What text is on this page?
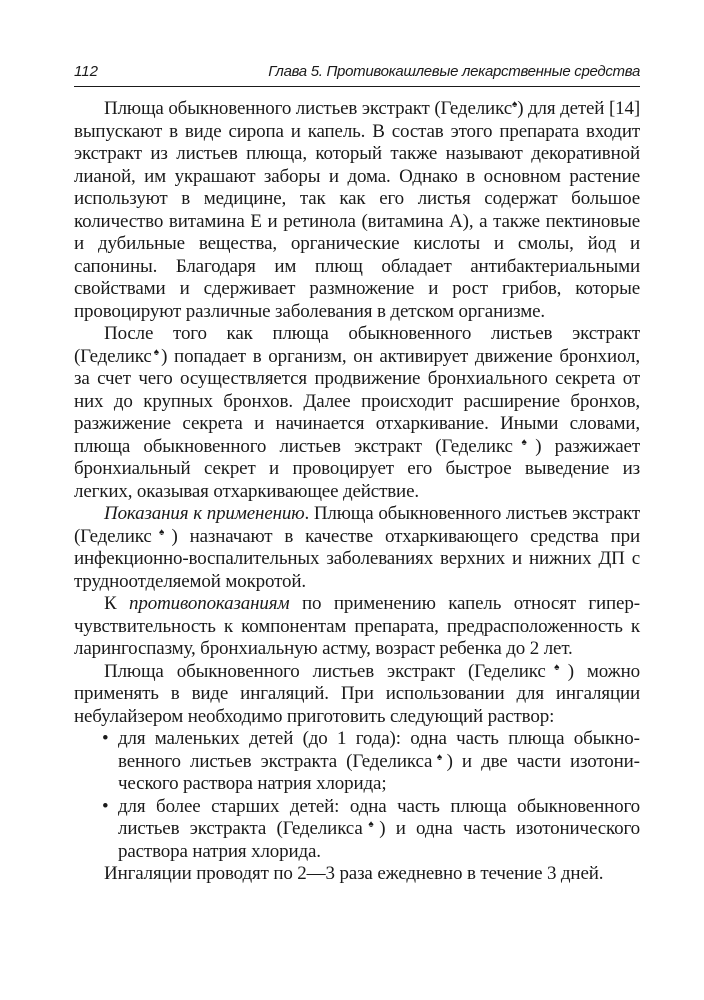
112	Глава 5. Противокашлевые лекарственные средства

Плюща обыкновенного листьев экстракт (Геделикс♠) для детей [14] выпускают в виде сиропа и капель. В состав этого препарата входит экстракт из листьев плюща, который также называют декоративной лианой, им украшают заборы и дома. Однако в основном растение используют в медицине, так как его листья содержат большое количество витамина Е и ретинола (витамина А), а также пектиновые и дубильные вещества, органические кислоты и смолы, йод и сапонины. Благодаря им плющ обладает антибактериальными свойствами и сдерживает размножение и рост грибов, которые провоцируют различные заболевания в детском организме.

После того как плюща обыкновенного листьев экстракт (Геделикс♠) попадает в организм, он активирует движение бронхиол, за счет чего осуществляется продвижение бронхиального секрета от них до крупных бронхов. Далее происходит расширение бронхов, разжижение секрета и начинается отхаркивание. Иными словами, плюща обыкновенного листьев экстракт (Геделикс♠) разжижает бронхиальный секрет и провоцирует его быстрое выведение из легких, оказывая отхаркивающее действие.

Показания к применению. Плюща обыкновенного листьев экстракт (Геделикс♠) назначают в качестве отхаркивающего средства при инфекционно-воспалительных заболеваниях верхних и нижних ДП с трудноотделяемой мокротой.

К противопоказаниям по применению капель относят гиперчувствительность к компонентам препарата, предрасположенность к ларингоспазму, бронхиальную астму, возраст ребенка до 2 лет.

Плюща обыкновенного листьев экстракт (Геделикс♠) можно применять в виде ингаляций. При использовании для ингаляции небулайзером необходимо приготовить следующий раствор:

• для маленьких детей (до 1 года): одна часть плюща обыкновенного листьев экстракта (Геделикса♠) и две части изотонического раствора натрия хлорида;
• для более старших детей: одна часть плюща обыкновенного листьев экстракта (Геделикса♠) и одна часть изотонического раствора натрия хлорида.

Ингаляции проводят по 2—3 раза ежедневно в течение 3 дней.
